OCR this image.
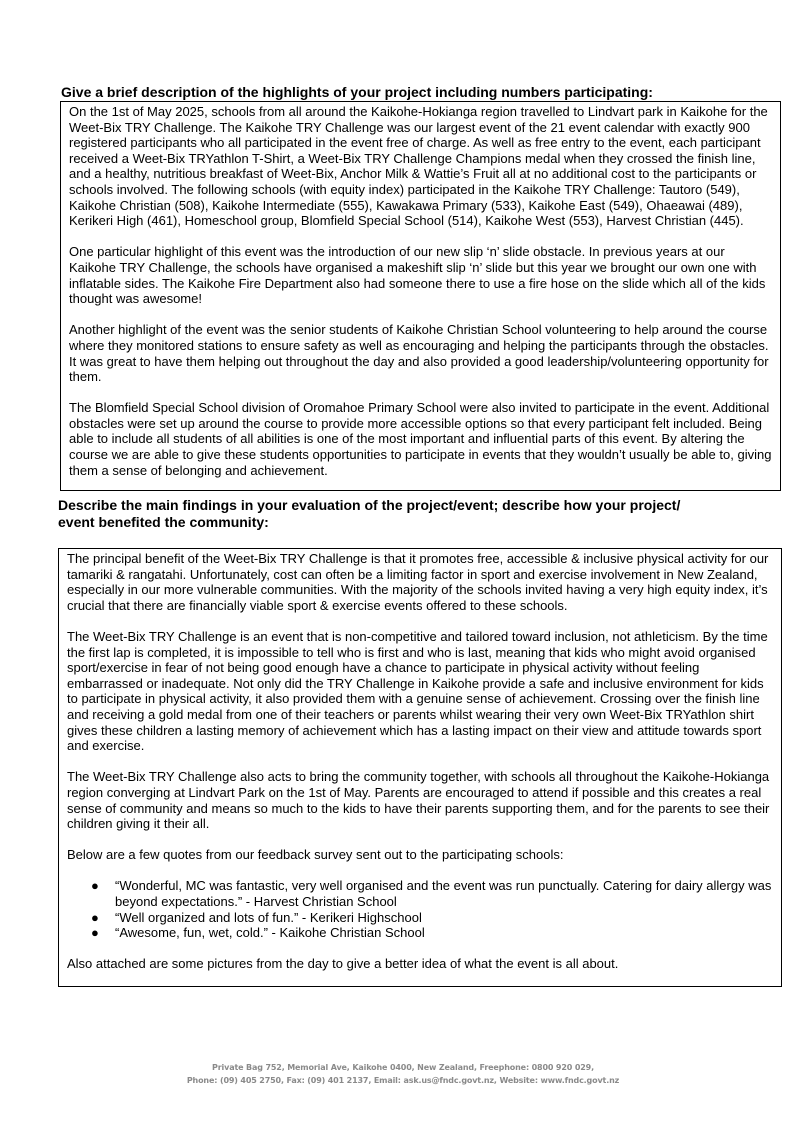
Give a brief description of the highlights of your project including numbers participating:

On the 1st of May 2025, schools from all around the Kaikohe-Hokianga region travelled to Lindvart park in Kaikohe for the Weet-Bix TRY Challenge. The Kaikohe TRY Challenge was our largest event of the 21 event calendar with exactly 900 registered participants who all participated in the event free of charge. As well as free entry to the event, each participant received a Weet-Bix TRYathlon T-Shirt, a Weet-Bix TRY Challenge Champions medal when they crossed the finish line, and a healthy, nutritious breakfast of Weet-Bix, Anchor Milk & Wattie’s Fruit all at no additional cost to the participants or schools involved. The following schools (with equity index) participated in the Kaikohe TRY Challenge: Tautoro (549), Kaikohe Christian (508), Kaikohe Intermediate (555), Kawakawa Primary (533), Kaikohe East (549), Ohaeawai (489), Kerikeri High (461), Homeschool group, Blomfield Special School (514), Kaikohe West (553), Harvest Christian (445).

One particular highlight of this event was the introduction of our new slip ‘n’ slide obstacle. In previous years at our Kaikohe TRY Challenge, the schools have organised a makeshift slip ‘n’ slide but this year we brought our own one with inflatable sides. The Kaikohe Fire Department also had someone there to use a fire hose on the slide which all of the kids thought was awesome!

Another highlight of the event was the senior students of Kaikohe Christian School volunteering to help around the course where they monitored stations to ensure safety as well as encouraging and helping the participants through the obstacles. It was great to have them helping out throughout the day and also provided a good leadership/volunteering opportunity for them.

The Blomfield Special School division of Oromahoe Primary School were also invited to participate in the event. Additional obstacles were set up around the course to provide more accessible options so that every participant felt included. Being able to include all students of all abilities is one of the most important and influential parts of this event. By altering the course we are able to give these students opportunities to participate in events that they wouldn’t usually be able to, giving them a sense of belonging and achievement.

Describe the main findings in your evaluation of the project/event; describe how your project/
event benefited the community:

The principal benefit of the Weet-Bix TRY Challenge is that it promotes free, accessible & inclusive physical activity for our tamariki & rangatahi. Unfortunately, cost can often be a limiting factor in sport and exercise involvement in New Zealand, especially in our more vulnerable communities. With the majority of the schools invited having a very high equity index, it’s crucial that there are financially viable sport & exercise events offered to these schools.

The Weet-Bix TRY Challenge is an event that is non-competitive and tailored toward inclusion, not athleticism. By the time the first lap is completed, it is impossible to tell who is first and who is last, meaning that kids who might avoid organised sport/exercise in fear of not being good enough have a chance to participate in physical activity without feeling embarrassed or inadequate. Not only did the TRY Challenge in Kaikohe provide a safe and inclusive environment for kids to participate in physical activity, it also provided them with a genuine sense of achievement. Crossing over the finish line and receiving a gold medal from one of their teachers or parents whilst wearing their very own Weet-Bix TRYathlon shirt gives these children a lasting memory of achievement which has a lasting impact on their view and attitude towards sport and exercise.

The Weet-Bix TRY Challenge also acts to bring the community together, with schools all throughout the Kaikohe-Hokianga region converging at Lindvart Park on the 1st of May. Parents are encouraged to attend if possible and this creates a real sense of community and means so much to the kids to have their parents supporting them, and for the parents to see their children giving it their all.

Below are a few quotes from our feedback survey sent out to the participating schools:

● “Wonderful, MC was fantastic, very well organised and the event was run punctually. Catering for dairy allergy was beyond expectations.” - Harvest Christian School
● “Well organized and lots of fun.” - Kerikeri Highschool
● “Awesome, fun, wet, cold.” - Kaikohe Christian School

Also attached are some pictures from the day to give a better idea of what the event is all about.

Private Bag 752, Memorial Ave, Kaikohe 0400, New Zealand, Freephone: 0800 920 029,
Phone: (09) 405 2750, Fax: (09) 401 2137, Email: ask.us@fndc.govt.nz, Website: www.fndc.govt.nz
